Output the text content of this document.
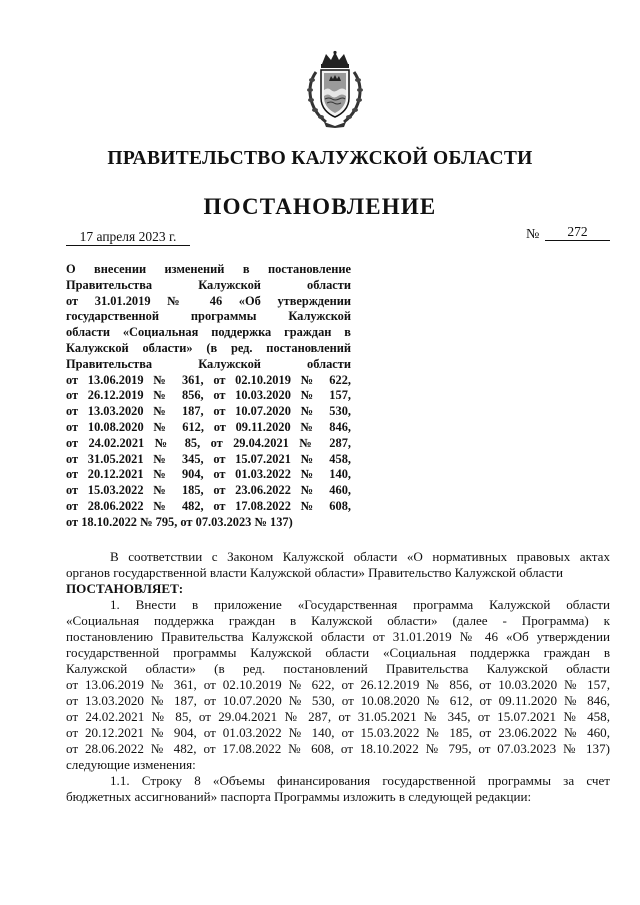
ПРАВИТЕЛЬСТВО КАЛУЖСКОЙ ОБЛАСТИ
ПОСТАНОВЛЕНИЕ
17 апреля 2023 г.	№	272
О внесении изменений в постановление
Правительства Калужской области
от 31.01.2019 № 46 «Об утверждении
государственной программы Калужской
области «Социальная поддержка граждан в
Калужской области» (в ред. постановлений
Правительства Калужской области
от 13.06.2019 № 361, от 02.10.2019 № 622,
от 26.12.2019 № 856, от 10.03.2020 № 157,
от 13.03.2020 № 187, от 10.07.2020 № 530,
от 10.08.2020 № 612, от 09.11.2020 № 846,
от 24.02.2021 № 85, от 29.04.2021 № 287,
от 31.05.2021 № 345, от 15.07.2021 № 458,
от 20.12.2021 № 904, от 01.03.2022 № 140,
от 15.03.2022 № 185, от 23.06.2022 № 460,
от 28.06.2022 № 482, от 17.08.2022 № 608,
от 18.10.2022 № 795, от 07.03.2023 № 137)
В соответствии с Законом Калужской области «О нормативных правовых актах
органов государственной власти Калужской области» Правительство Калужской области
ПОСТАНОВЛЯЕТ:
1. Внести в приложение «Государственная программа Калужской области
«Социальная поддержка граждан в Калужской области» (далее - Программа) к
постановлению Правительства Калужской области от 31.01.2019 № 46 «Об утверждении
государственной программы Калужской области «Социальная поддержка граждан в
Калужской области» (в ред. постановлений Правительства Калужской области
от 13.06.2019 № 361, от 02.10.2019 № 622, от 26.12.2019 № 856, от 10.03.2020 № 157,
от 13.03.2020 № 187, от 10.07.2020 № 530, от 10.08.2020 № 612, от 09.11.2020 № 846,
от 24.02.2021 № 85, от 29.04.2021 № 287, от 31.05.2021 № 345, от 15.07.2021 № 458,
от 20.12.2021 № 904, от 01.03.2022 № 140, от 15.03.2022 № 185, от 23.06.2022 № 460,
от 28.06.2022 № 482, от 17.08.2022 № 608, от 18.10.2022 № 795, от 07.03.2023 № 137)
следующие изменения:
1.1. Строку 8 «Объемы финансирования государственной программы за счет
бюджетных ассигнований» паспорта Программы изложить в следующей редакции:
